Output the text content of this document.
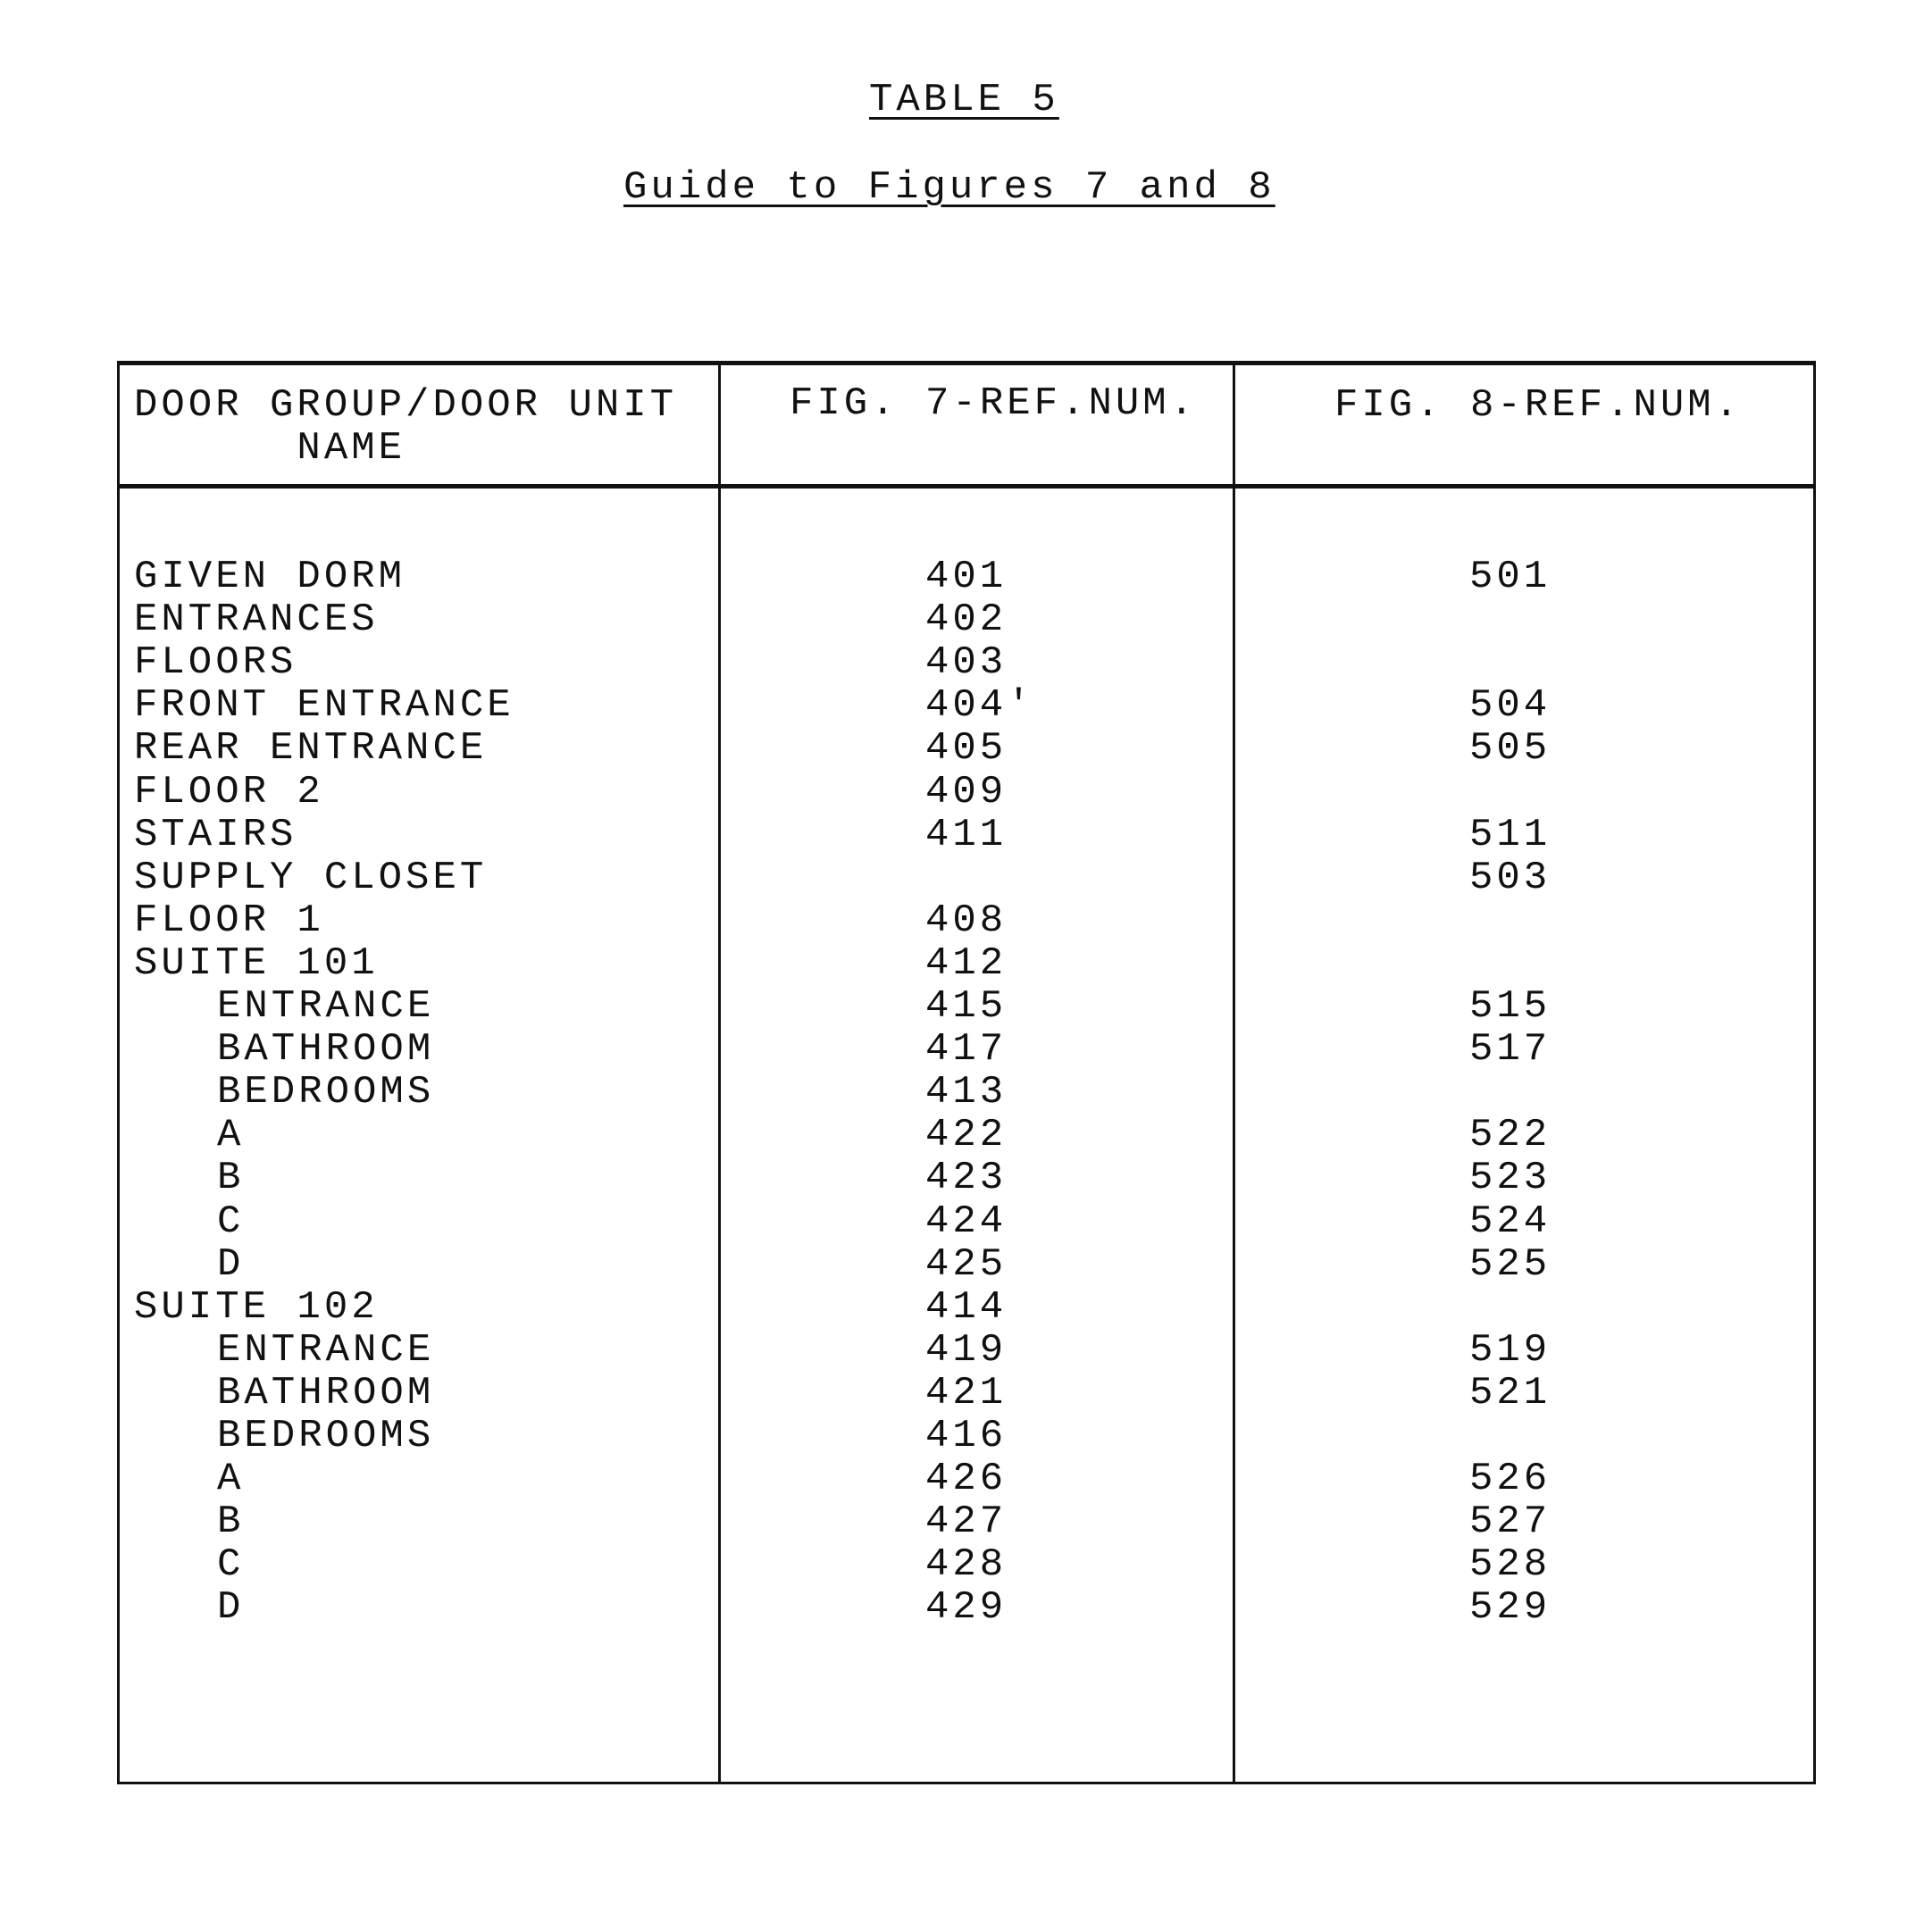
TABLE 5
Guide to Figures 7 and 8
DOOR GROUP/DOOR UNIT
NAME
FIG. 7-REF.NUM.	FIG. 8-REF.NUM.
GIVEN DORM	401	501
ENTRANCES	402
FLOORS	403
FRONT ENTRANCE	404'	504
REAR ENTRANCE	405	505
FLOOR 2	409
STAIRS	411	511
SUPPLY CLOSET	503
FLOOR 1	408
SUITE 101	412
ENTRANCE	415	515
BATHROOM	417	517
BEDROOMS	413
A	422	522
B	423	523
C	424	524
D	425	525
SUITE 102	414
ENTRANCE	419	519
BATHROOM	421	521
BEDROOMS	416
A	426	526
B	427	527
C	428	528
D	429	529
